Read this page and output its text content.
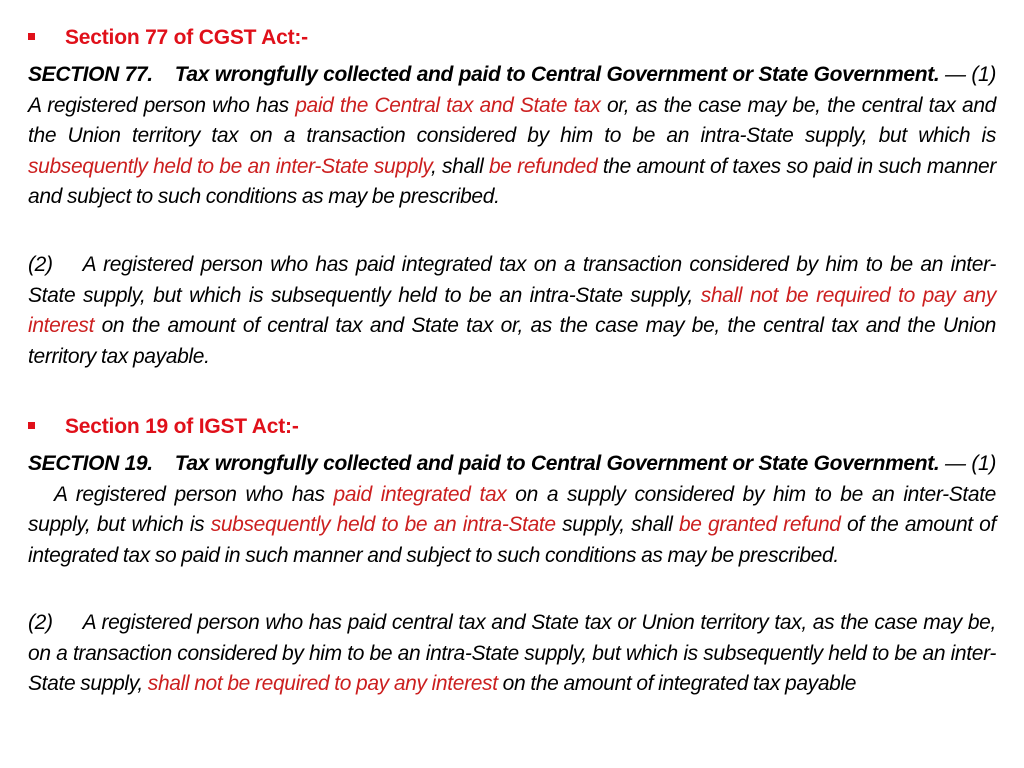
Section 77 of CGST Act:-
SECTION 77. Tax wrongfully collected and paid to Central Government or State Government. — (1) A registered person who has paid the Central tax and State tax or, as the case may be, the central tax and the Union territory tax on a transaction considered by him to be an intra-State supply, but which is subsequently held to be an inter-State supply, shall be refunded the amount of taxes so paid in such manner and subject to such conditions as may be prescribed.
(2) A registered person who has paid integrated tax on a transaction considered by him to be an inter-State supply, but which is subsequently held to be an intra-State supply, shall not be required to pay any interest on the amount of central tax and State tax or, as the case may be, the central tax and the Union territory tax payable.
Section 19 of IGST Act:-
SECTION 19. Tax wrongfully collected and paid to Central Government or State Government. — (1)A registered person who has paid integrated tax on a supply considered by him to be an inter-State supply, but which is subsequently held to be an intra-State supply, shall be granted refund of the amount of integrated tax so paid in such manner and subject to such conditions as may be prescribed.
(2) A registered person who has paid central tax and State tax or Union territory tax, as the case may be, on a transaction considered by him to be an intra-State supply, but which is subsequently held to be an inter-State supply, shall not be required to pay any interest on the amount of integrated tax payable
